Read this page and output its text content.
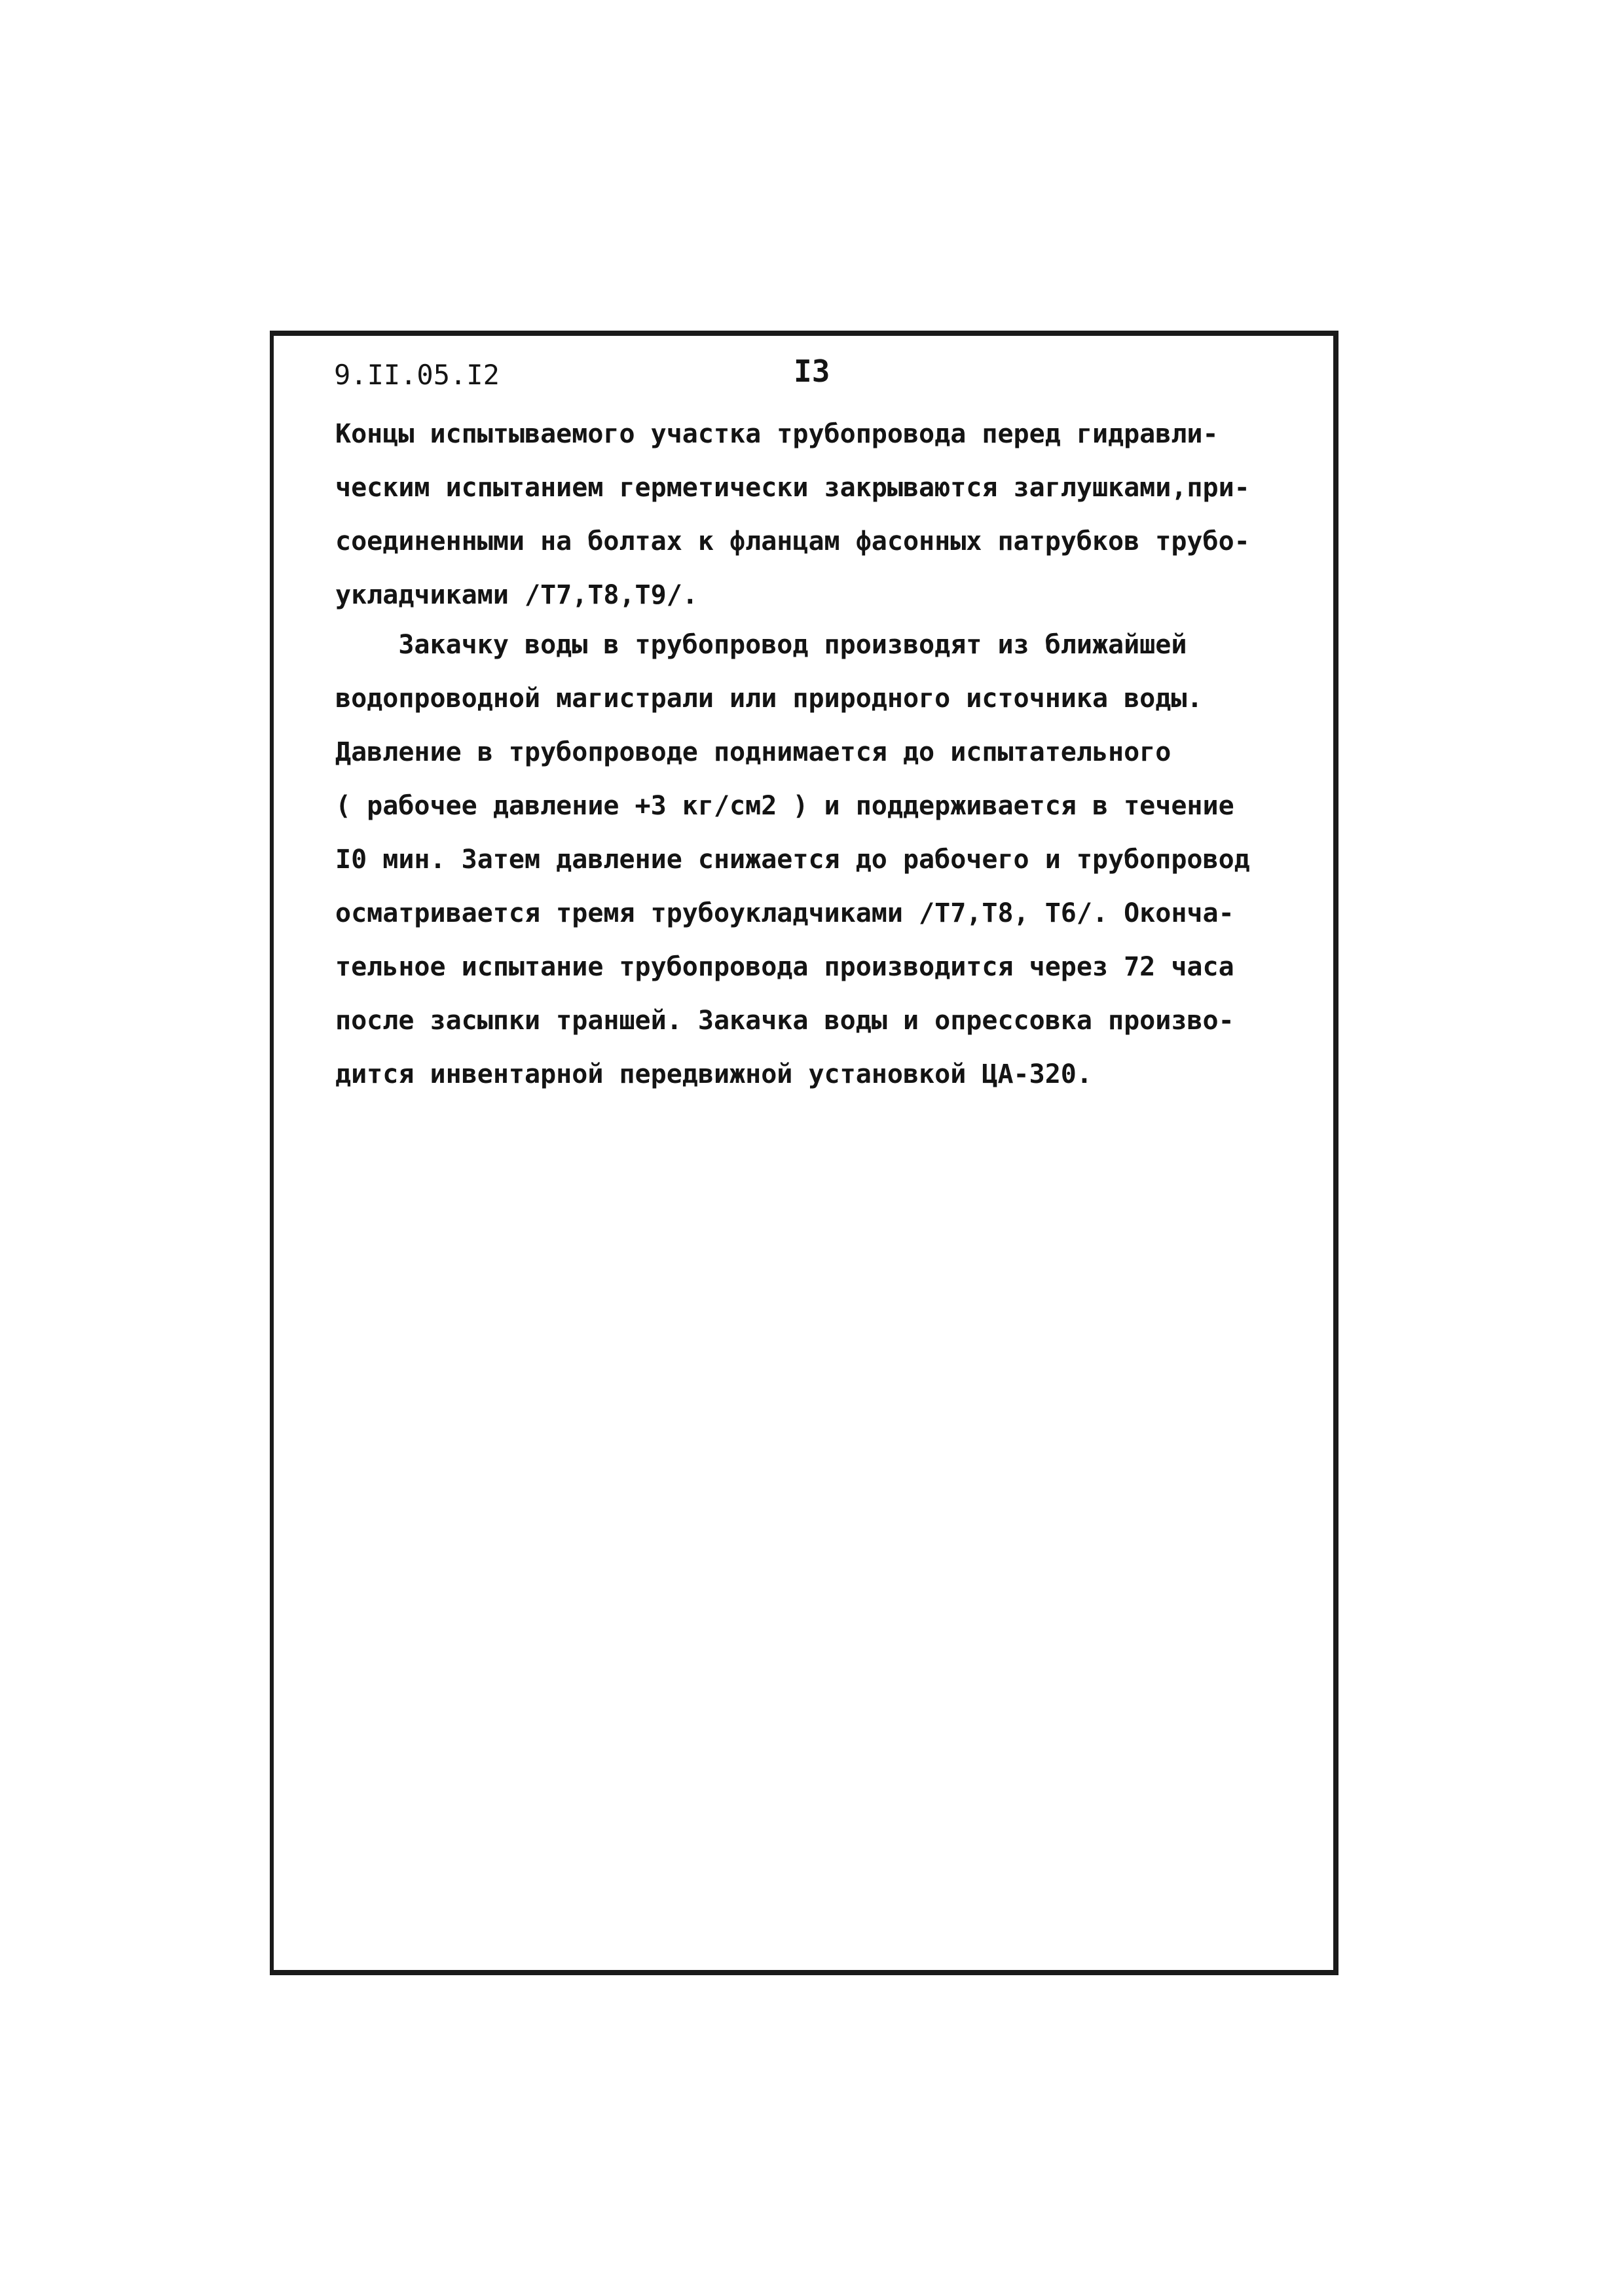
9.II.05.I2	I3
Концы испытываемого участка трубопровода перед гидравли-
ческим испытанием герметически закрываются заглушками,при-
соединенными на болтах к фланцам фасонных патрубков трубо-
укладчиками /T7,T8,T9/.
Закачку воды в трубопровод производят из ближайшей
водопроводной магистрали или природного источника воды.
Давление в трубопроводе поднимается до испытательного
( рабочее давление +3 кг/см2 ) и поддерживается в течение
I0 мин. Затем давление снижается до рабочего и трубопровод
осматривается тремя трубоукладчиками /T7,T8, T6/. Оконча-
тельное испытание трубопровода производится через 72 часа
после засыпки траншей. Закачка воды и опрессовка произво-
дится инвентарной передвижной установкой ЦА-320.
